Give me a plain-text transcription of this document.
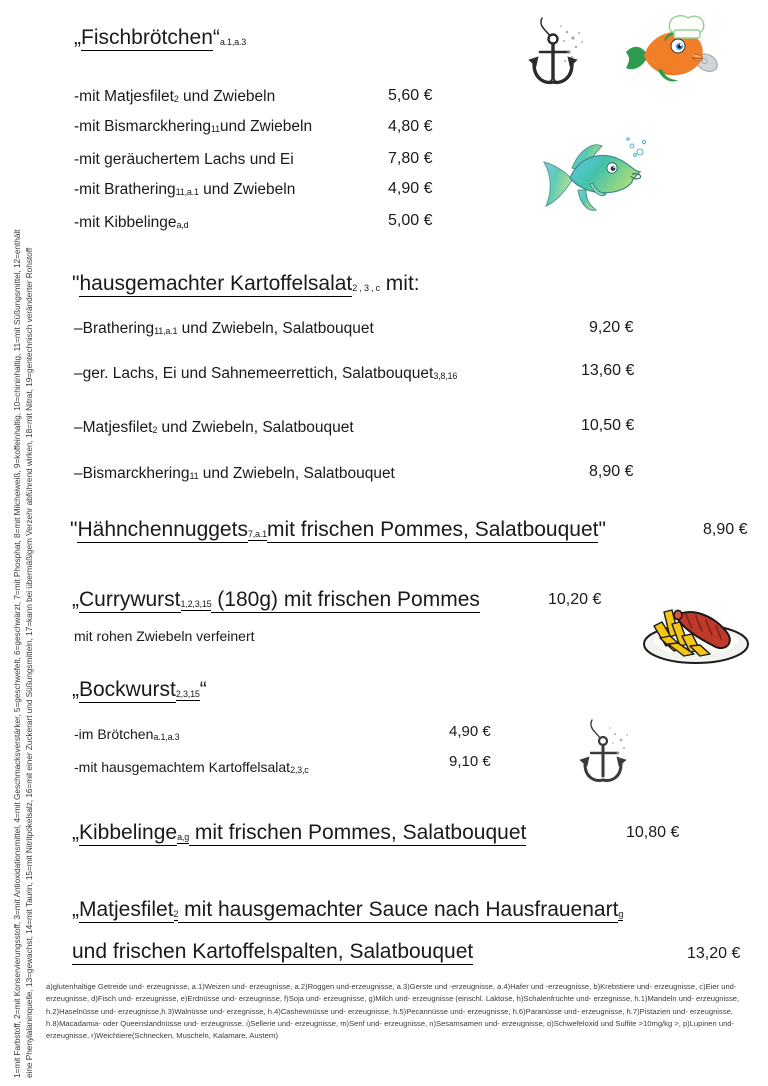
1=mit Farbstoff, 2=mit Konservierungsstoff, 3=mit Antioxidationsmittel, 4=mit Geschmacksverstärker, 5=geschwefelt, 6=geschwärzt, 7=mit Phosphat, 8=mit Milcheiweiß, 9=koffeinhaltig, 10=chininhaltig, 11=mit Süßungsmittel, 12=enthält eine Phenylalaninquelle, 13=gewachst, 14=mit Taurin, 15=mit Nitritpökelsalz, 16=mit einer Zuckerart und Süßungsmitteln, 17=kann bei übermäßigem Verzehr abführend wirken, 18=mit Nitrat, 19=gentechnisch veränderter Rohstoff
„Fischbrötchen“a.1,a.3
-mit Matjesfilet2 und Zwiebeln	5,60 €
-mit Bismarckhering11und Zwiebeln	4,80 €
-mit geräuchertem Lachs und Ei	7,80 €
-mit Brathering11,a.1 und Zwiebeln	4,90 €
-mit Kibbelingea,d	5,00 €
"hausgemachter Kartoffelsalat2 , 3 , c mit:
–Brathering11,a.1 und Zwiebeln, Salatbouquet	9,20 €
–ger. Lachs, Ei und Sahnemeerrettich, Salatbouquet3,8,16	13,60 €
–Matjesfilet2 und Zwiebeln, Salatbouquet	10,50 €
–Bismarckhering11 und Zwiebeln, Salatbouquet	8,90 €
"Hähnchennuggets7,a.1mit frischen Pommes, Salatbouquet"	8,90 €
„Currywurst1,2,3,15 (180g) mit frischen Pommes	10,20 €
mit rohen Zwiebeln verfeinert
„Bockwurst2,3,15“
-im Brötchena.1,a.3	4,90 €
-mit hausgemachtem Kartoffelsalat2,3,c	9,10 €
„Kibbelingea,g mit frischen Pommes, Salatbouquet	10,80 €
„Matjesfilet2 mit hausgemachter Sauce nach Hausfrauenartg
und frischen Kartoffelspalten, Salatbouquet	13,20 €
a)glutenhaltige Getreide und- erzeugnisse, a.1)Weizen und- erzeugnisse, a.2)Roggen und-erzeugnisse, a.3)Gerste und -erzeugnisse, a.4)Hafer und -erzeugnisse, b)Krebstiere und- erzeugnisse, c)Eier und- erzeugnisse, d)Fisch und- erzeugnisse, e)Erdnüsse und- erzeugnisse, f)Soja und- erzeugnisse, g)Milch und- erzeugnisse (einschl. Laktose, h)Schalenfrüchte und- erzegnisse, h.1)Mandeln und- erzeugnisse, h.2)Haselnüsse und- erzeugnisse,h.3)Walnüsse und- erzegnisse, h.4)Cashewnüsse und- erzeugnisse, h.5)Pecannüsse und- erzeugnisse, h.6)Paranüsse und- erzeugnisse, h.7)Pistazien und- erzeugnisse, h.8)Macadamia- oder Queenslandnüsse und- erzeugnisse, i)Sellerie und- erzeugnisse, m)Senf und- erzeugnisse, n)Sesamsamen und- erzeugnisse, o)Schwefeloxid und Sulfite >10mg/kg >, p)Lupinen und- erzeugnisse, r)Weichtiere(Schnecken, Muscheln, Kalamare, Austern)
